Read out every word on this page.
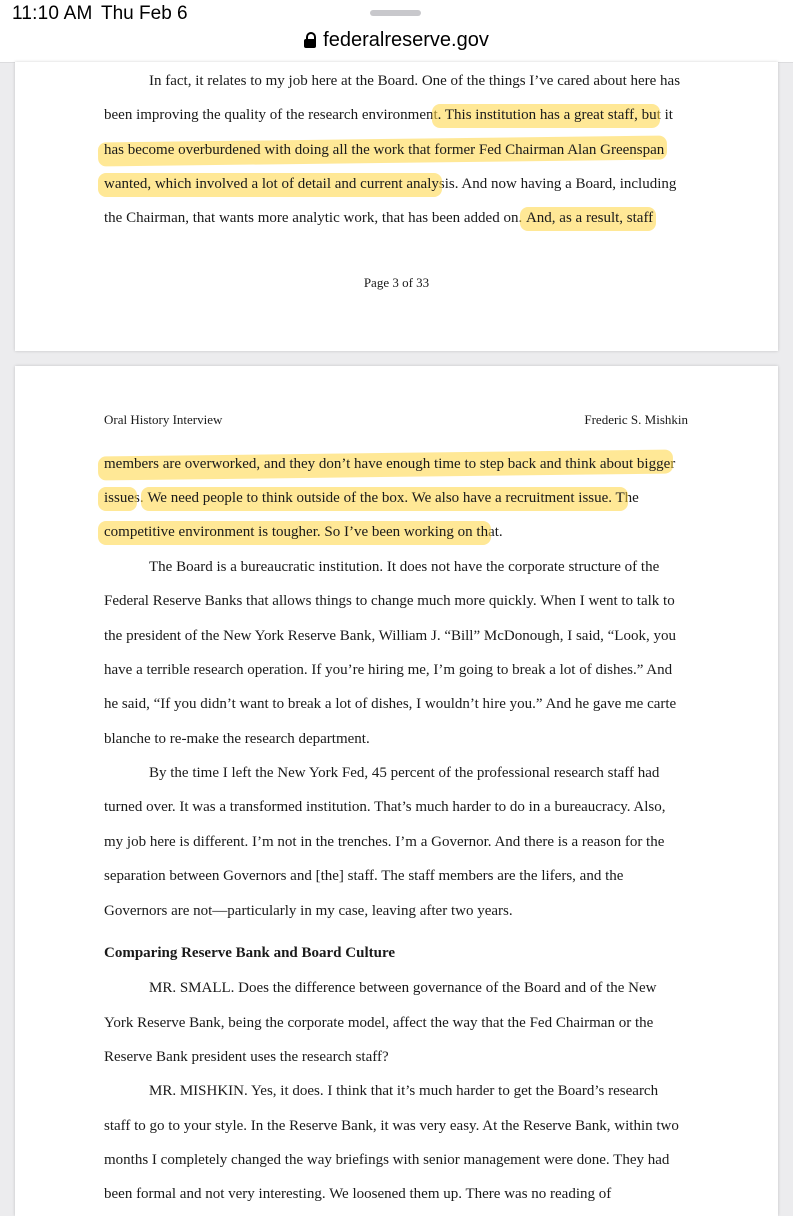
11:10 AM Thu Feb 6
federalreserve.gov

In fact, it relates to my job here at the Board. One of the things I’ve cared about here has

been improving the quality of the research environment. This institution has a great staff, but it

has become overburdened with doing all the work that former Fed Chairman Alan Greenspan

wanted, which involved a lot of detail and current analysis. And now having a Board, including

the Chairman, that wants more analytic work, that has been added on. And, as a result, staff

Page 3 of 33

Oral History Interview	Frederic S. Mishkin

members are overworked, and they don’t have enough time to step back and think about bigger

issues. We need people to think outside of the box. We also have a recruitment issue. The

competitive environment is tougher. So I’ve been working on that.

The Board is a bureaucratic institution. It does not have the corporate structure of the

Federal Reserve Banks that allows things to change much more quickly. When I went to talk to

the president of the New York Reserve Bank, William J. “Bill” McDonough, I said, “Look, you

have a terrible research operation. If you’re hiring me, I’m going to break a lot of dishes.” And

he said, “If you didn’t want to break a lot of dishes, I wouldn’t hire you.” And he gave me carte

blanche to re-make the research department.

By the time I left the New York Fed, 45 percent of the professional research staff had

turned over. It was a transformed institution. That’s much harder to do in a bureaucracy. Also,

my job here is different. I’m not in the trenches. I’m a Governor. And there is a reason for the

separation between Governors and [the] staff. The staff members are the lifers, and the

Governors are not—particularly in my case, leaving after two years.

Comparing Reserve Bank and Board Culture

MR. SMALL. Does the difference between governance of the Board and of the New

York Reserve Bank, being the corporate model, affect the way that the Fed Chairman or the

Reserve Bank president uses the research staff?

MR. MISHKIN. Yes, it does. I think that it’s much harder to get the Board’s research

staff to go to your style. In the Reserve Bank, it was very easy. At the Reserve Bank, within two

months I completely changed the way briefings with senior management were done. They had

been formal and not very interesting. We loosened them up. There was no reading of
